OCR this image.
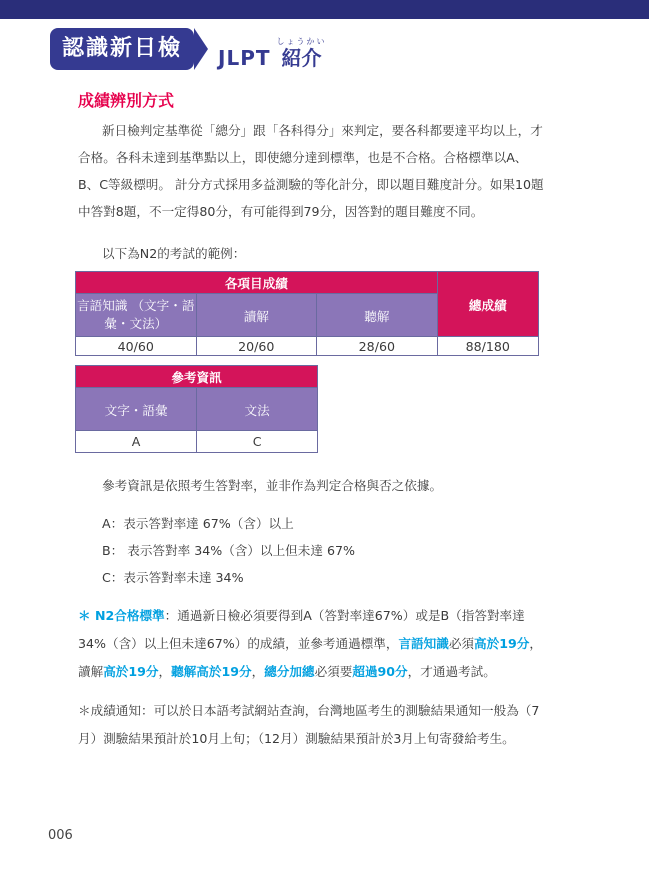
認識新日檢	JLPT
しょうかい
紹介
成績辨別方式

新日檢判定基準從「總分」跟「各科得分」來判定，要各科都要達平均以上，才合格。各科未達到基準點以上，即使總分達到標準，也是不合格。合格標準以A、B、C等級標明。 計分方式採用多益測驗的等化計分，即以題目難度計分。如果10題中答對8題，不一定得80分，有可能得到79分，因答對的題目難度不同。

以下為N2的考試的範例：

各項目成績			總成績
言語知識 （文字・語彙・文法）	讀解	聽解	
40/60	20/60	28/60	88/180
參考資訊	
文字・語彙	文法
A	C

參考資訊是依照考生答對率，並非作為判定合格與否之依據。

A：表示答對率達 67%（含）以上
B： 表示答對率 34%（含）以上但未達 67%
C：表示答對率未達 34%
＊ N2合格標準：通過新日檢必須要得到A（答對率達67%）或是B（指答對率達34%（含）以上但未達67%）的成績，並參考通過標準，言語知識必須高於19分，讀解高於19分，聽解高於19分，總分加總必須要超過90分，才通過考試。
＊成績通知：可以於日本語考試網站查詢，台灣地區考生的測驗結果通知一般為（7月）測驗結果預計於10月上旬；（12月）測驗結果預計於3月上旬寄發給考生。
006
